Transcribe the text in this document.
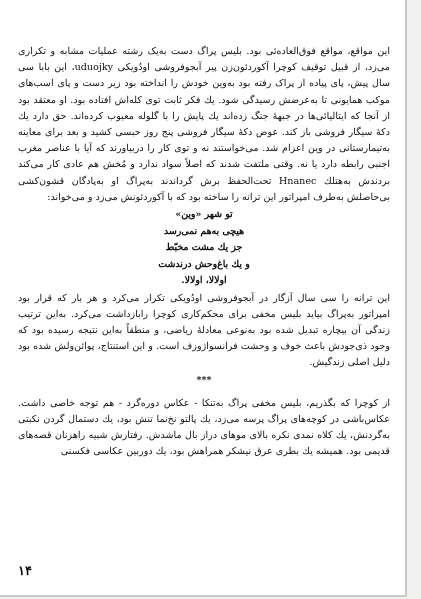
این مواقع، مواقع فوق‌العاده‌ئی بود. بلیس پراگ دست به‌یک رشته عملیات مشابه و تکراری می‌زد، از قبیل توقیف کوچرا آکوردئون‌زن پیر آبجوفروشی اودُویکی uduojky، این بابا سی سال پیش، پای پیاده از پراک رفته بود به‌وین خودش را انداخته بود زیر دست و پای اسب‌های موکب همایونی تا به‌عرضش رسیدگی شود. یك فکر ثابت توی کله‌اش افتاده بود. او معتقد بود از آنجا که ایتالیائی‌ها در جبههٔ جنگ زده‌اند یك پایش را با گلوله معیوب کرده‌اند. حق دارد یك دکهٔ سیگار فروشی باز کند. عوض دکهٔ سیگار فروشی پنج روز حبسی کشید و بعد برای معاینه به‌تیمارستانی در وین اعزام شد. می‌خواستند نه و توی کار را دربیاورند که آیا با عناصر مغرب اجنبی رابطه دارد یا نه. وقتی ملتفت شدند که اصلاً سواد ندارد و مُخش هم عادی کار می‌کند بردندش به‌هتلك Hnanec تحت‌الحفظ برش گرداندند به‌پراگ او به‌پادگان قشون‌کشی بی‌حاصلش به‌طرف امپراتور این ترانه را ساخته بود که با آکوردئونش می‌زد و می‌خواند:

تو شهر «وین»
هیچی به‌هم نمی‌رسد
جز یك مشت مخبّط
و یك باغ‌وحش درندشت
اولالا، اولالا.

این ترانه را سی سال آزگار در آبجوفروشی اودُویکی تکرار می‌کرد و هر بار که قرار بود امپراتور به‌پراگ بیاید بلیس مخفی برای محکم‌کاری کوچرا رابازداشت می‌کرد. به‌این ترتیب زندگی آن بیچاره تبدیل شده بود به‌نوعی معادلهٔ ریاضی، و منطقاً به‌این نتیجه رسیده بود که وجود ذی‌جودش باعث خوف و وحشت فرانسواژوزف است. و این استنتاج، پوائن‌ولش شده بود دلیل اصلی زندگیش.

***

از کوچرا که بگذریم، بلیس مخفی پراگ به‌تنکا - عکاس دوره‌گرد - هم توجه خاصی داشت. عکاس‌باشی در کوچه‌های پراگ پرسه می‌زد، یك پالتو نخ‌نما تنش بود، یك دستمال گردن نکبتی به‌گردنش، یك کلاه نمدی نکره بالای موهای دراز بال ماشدش. رفتارش شبیه راهزنان قصه‌های قدیمی بود. همیشه یك بطری عرق نیشکر همراهش بود، یك دوربین عکاسی فکسنی

۱۴
